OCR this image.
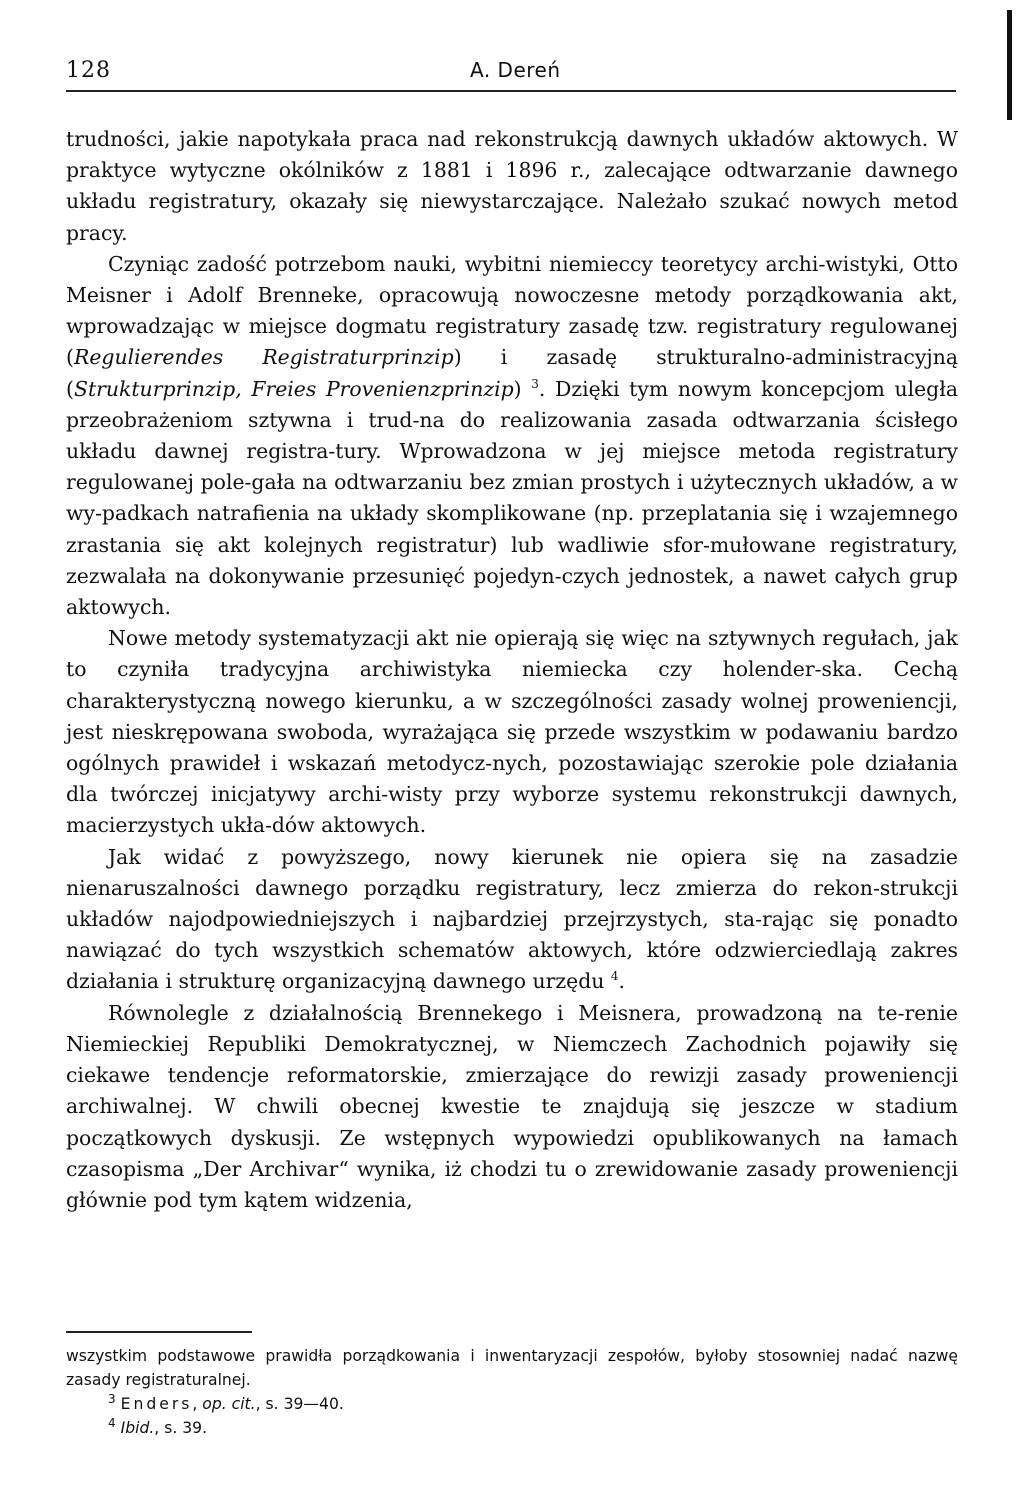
128	A. Dereń

trudności, jakie napotykała praca nad rekonstrukcją dawnych układów aktowych. W praktyce wytyczne okólników z 1881 i 1896 r., zalecające odtwarzanie dawnego układu registratury, okazały się niewystarczające. Należało szukać nowych metod pracy.

Czyniąc zadość potrzebom nauki, wybitni niemieccy teoretycy archi-wistyki, Otto Meisner i Adolf Brenneke, opracowują nowoczesne metody porządkowania akt, wprowadzając w miejsce dogmatu registratury zasadę tzw. registratury regulowanej (Regulierendes Registraturprinzip) i zasadę strukturalno-administracyjną (Strukturprinzip, Freies Provenienzprinzip) $^3$. Dzięki tym nowym koncepcjom uległa przeobrażeniom sztywna i trud-na do realizowania zasada odtwarzania ścisłego układu dawnej registra-tury. Wprowadzona w jej miejsce metoda registratury regulowanej pole-gała na odtwarzaniu bez zmian prostych i użytecznych układów, a w wy-padkach natrafienia na układy skomplikowane (np. przeplatania się i wzajemnego zrastania się akt kolejnych registratur) lub wadliwie sfor-mułowane registratury, zezwalała na dokonywanie przesunięć pojedyn-czych jednostek, a nawet całych grup aktowych.

Nowe metody systematyzacji akt nie opierają się więc na sztywnych regułach, jak to czyniła tradycyjna archiwistyka niemiecka czy holender-ska. Cechą charakterystyczną nowego kierunku, a w szczególności zasady wolnej proweniencji, jest nieskrępowana swoboda, wyrażająca się przede wszystkim w podawaniu bardzo ogólnych prawideł i wskazań metodycz-nych, pozostawiając szerokie pole działania dla twórczej inicjatywy archi-wisty przy wyborze systemu rekonstrukcji dawnych, macierzystych ukła-dów aktowych.

Jak widać z powyższego, nowy kierunek nie opiera się na zasadzie nienaruszalności dawnego porządku registratury, lecz zmierza do rekon-strukcji układów najodpowiedniejszych i najbardziej przejrzystych, sta-rając się ponadto nawiązać do tych wszystkich schematów aktowych, które odzwierciedlają zakres działania i strukturę organizacyjną dawnego urzędu $^4$.

Równolegle z działalnością Brennekego i Meisnera, prowadzoną na te-renie Niemieckiej Republiki Demokratycznej, w Niemczech Zachodnich pojawiły się ciekawe tendencje reformatorskie, zmierzające do rewizji zasady proweniencji archiwalnej. W chwili obecnej kwestie te znajdują się jeszcze w stadium początkowych dyskusji. Ze wstępnych wypowiedzi opublikowanych na łamach czasopisma „Der Archivar“ wynika, iż chodzi tu o zrewidowanie zasady proweniencji głównie pod tym kątem widzenia,

wszystkim podstawowe prawidła porządkowania i inwentaryzacji zespołów, byłoby stosowniej nadać nazwę zasady registraturalnej.

$^3$ Enders, op. cit., s. 39—40.

$^4$ Ibid., s. 39.
